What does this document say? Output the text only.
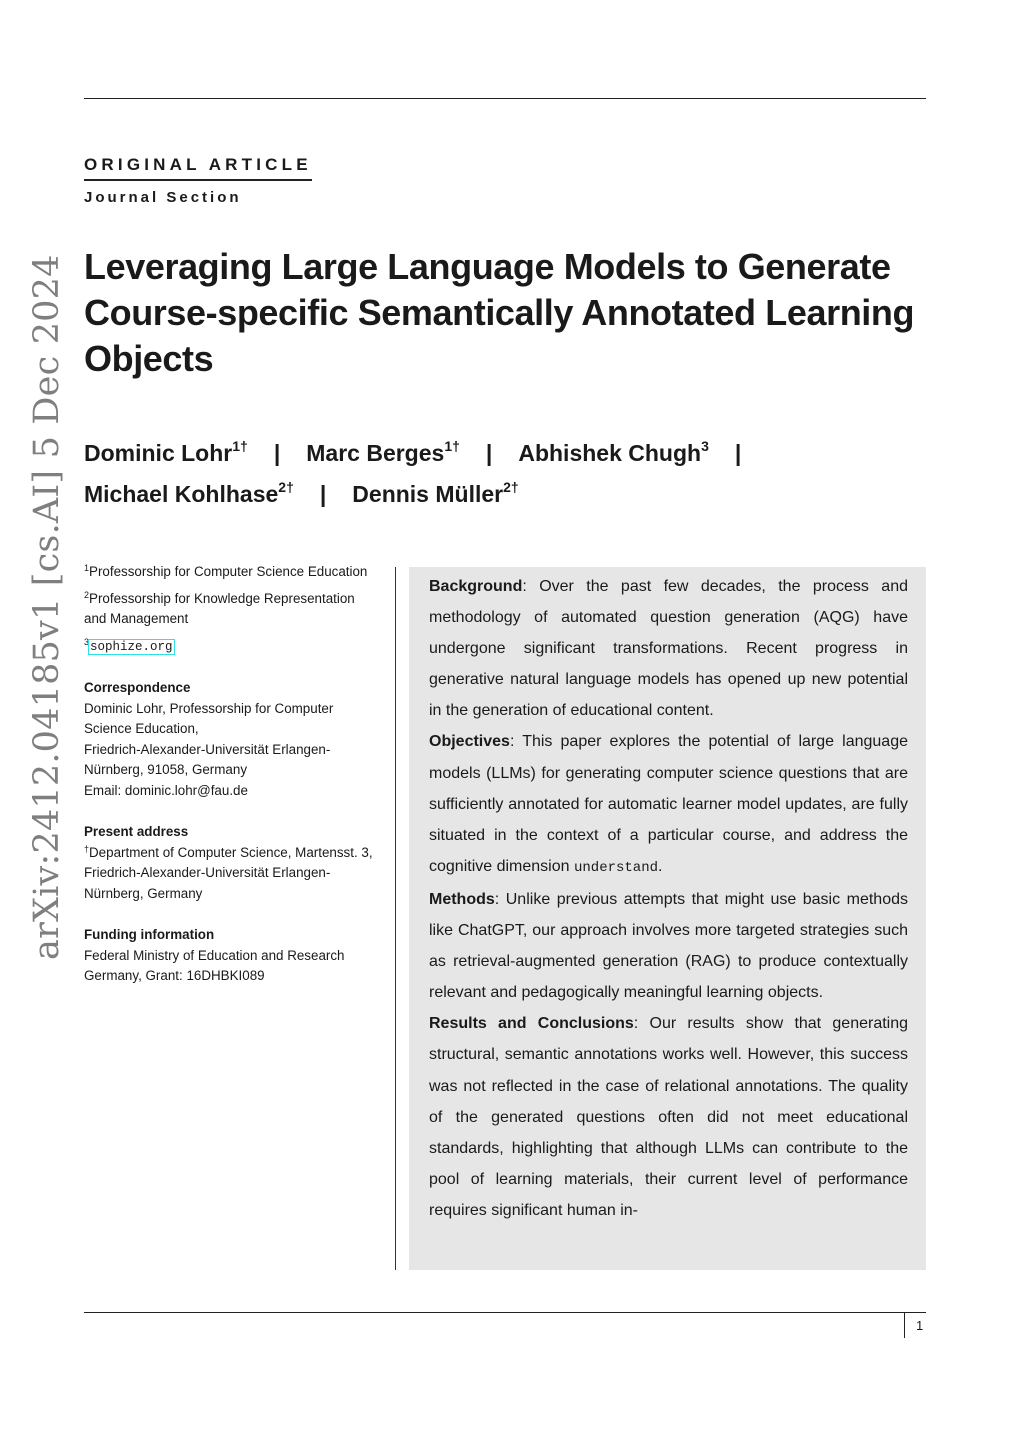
ORIGINAL ARTICLE
Journal Section
arXiv:2412.04185v1 [cs.AI] 5 Dec 2024 Leveraging Large Language Models to Generate Course-specific Semantically Annotated Learning Objects
Dominic Lohr$^{1\dagger}$ | Marc Berges$^{1\dagger}$ | Abhishek Chugh$^3$ |
Michael Kohlhase$^{2\dagger}$ | Dennis Müller$^{2\dagger}$
$^1$Professorship for Computer Science Education
$^2$Professorship for Knowledge Representation and Management
$^3$sophize.org
Correspondence
Dominic Lohr, Professorship for Computer Science Education,
Friedrich-Alexander-Universität Erlangen-Nürnberg, 91058, Germany
Email: dominic.lohr@fau.de
Present address
†Department of Computer Science, Martensst. 3,
Friedrich-Alexander-Universität Erlangen-Nürnberg, Germany
Funding information
Federal Ministry of Education and Research Germany, Grant: 16DHBKI089

Background: Over the past few decades, the process and methodology of automated question generation (AQG) have undergone significant transformations. Recent progress in generative natural language models has opened up new potential in the generation of educational content.

Objectives: This paper explores the potential of large language models (LLMs) for generating computer science questions that are sufficiently annotated for automatic learner model updates, are fully situated in the context of a particular course, and address the cognitive dimension understand.

Methods: Unlike previous attempts that might use basic methods like ChatGPT, our approach involves more targeted strategies such as retrieval-augmented generation (RAG) to produce contextually relevant and pedagogically meaningful learning objects.

Results and Conclusions: Our results show that generating structural, semantic annotations works well. However, this success was not reflected in the case of relational annotations. The quality of the generated questions often did not meet educational standards, highlighting that although LLMs can contribute to the pool of learning materials, their current level of performance requires significant human in-

1
